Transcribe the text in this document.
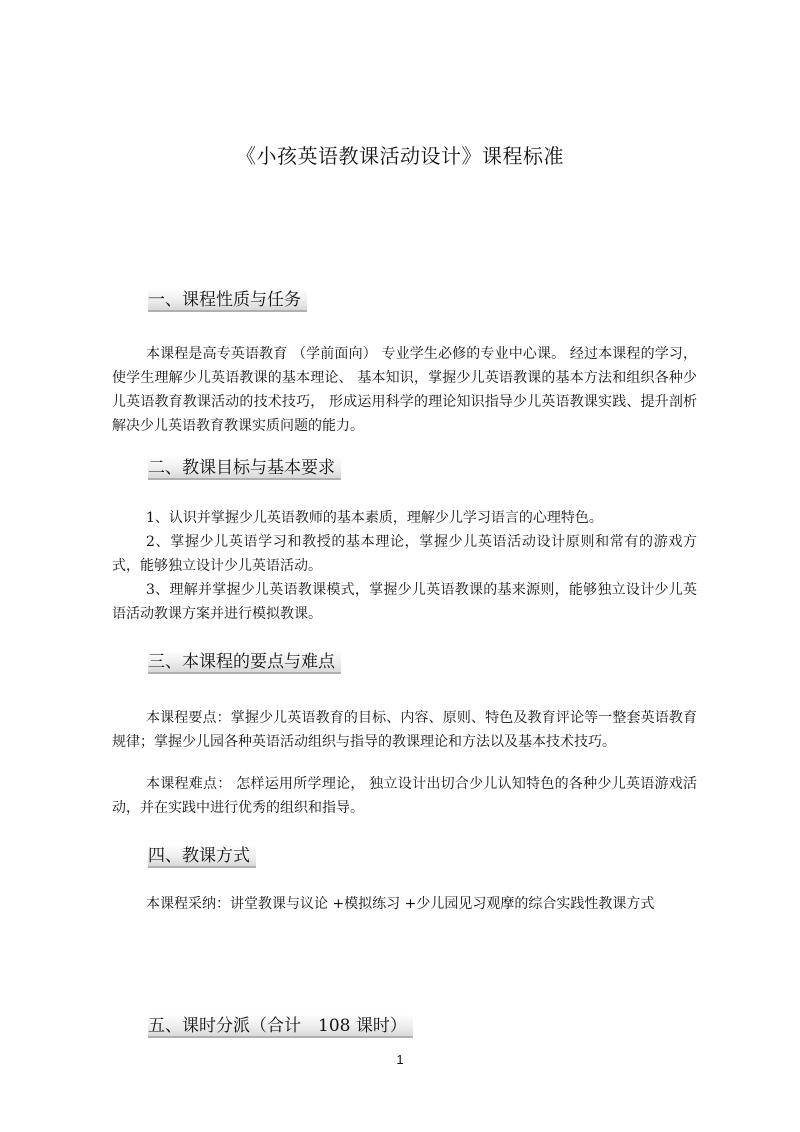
《小孩英语教课活动设计》课程标准
一、课程性质与任务
本课程是高专英语教育 （学前面向） 专业学生必修的专业中心课。 经过本课程的学习，使学生理解少儿英语教课的基本理论、 基本知识，掌握少儿英语教课的基本方法和组织各种少儿英语教育教课活动的技术技巧， 形成运用科学的理论知识指导少儿英语教课实践、提升剖析解决少儿英语教育教课实质问题的能力。
二、教课目标与基本要求
1、认识并掌握少儿英语教师的基本素质，理解少儿学习语言的心理特色。
2、掌握少儿英语学习和教授的基本理论，掌握少儿英语活动设计原则和常有的游戏方式，能够独立设计少儿英语活动。
3、理解并掌握少儿英语教课模式，掌握少儿英语教课的基来源则，能够独立设计少儿英语活动教课方案并进行模拟教课。
三、本课程的要点与难点
本课程要点：掌握少儿英语教育的目标、内容、原则、特色及教育评论等一整套英语教育规律；掌握少儿园各种英语活动组织与指导的教课理论和方法以及基本技术技巧。
本课程难点： 怎样运用所学理论， 独立设计出切合少儿认知特色的各种少儿英语游戏活动，并在实践中进行优秀的组织和指导。
四、教课方式
本课程采纳：讲堂教课与议论 +模拟练习 +少儿园见习观摩的综合实践性教课方式
五、课时分派（合计　108 课时）
1
